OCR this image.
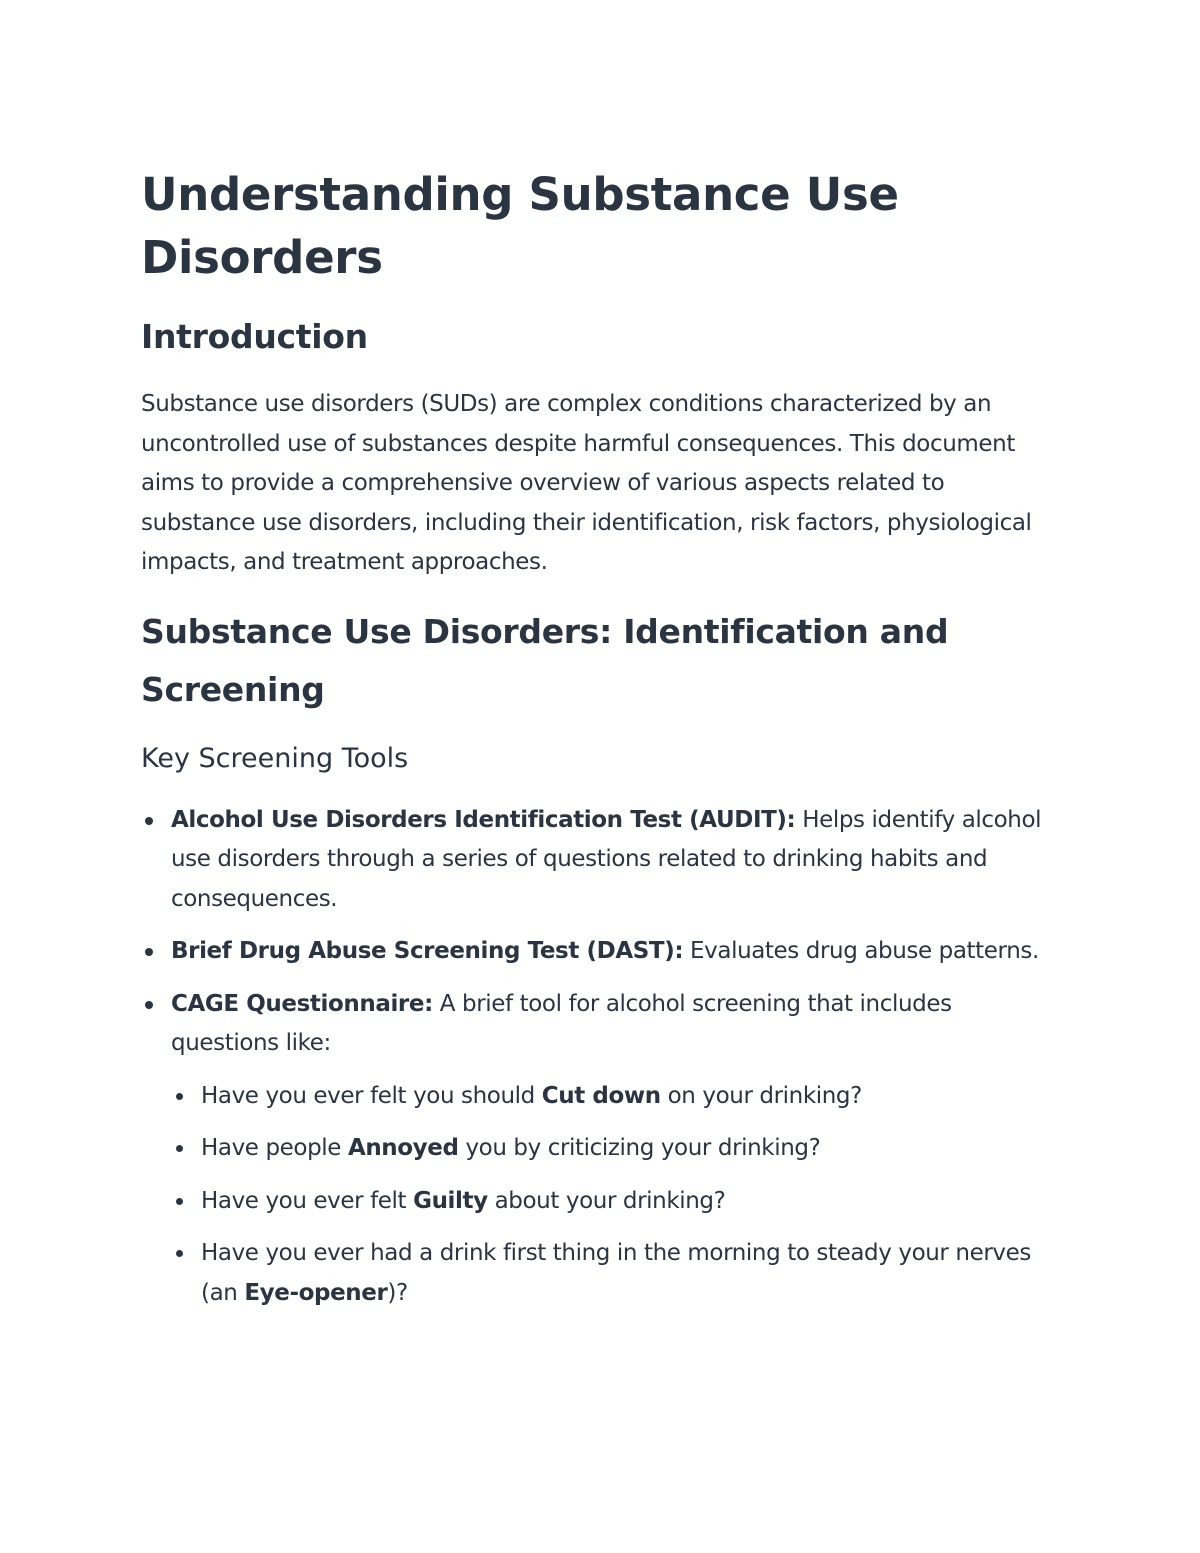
Understanding Substance Use Disorders
Introduction

Substance use disorders (SUDs) are complex conditions characterized by an uncontrolled use of substances despite harmful consequences. This document aims to provide a comprehensive overview of various aspects related to substance use disorders, including their identification, risk factors, physiological impacts, and treatment approaches.

Substance Use Disorders: Identification and Screening
Key Screening Tools
Alcohol Use Disorders Identification Test (AUDIT): Helps identify alcohol use disorders through a series of questions related to drinking habits and consequences.
Brief Drug Abuse Screening Test (DAST): Evaluates drug abuse patterns.
CAGE Questionnaire: A brief tool for alcohol screening that includes questions like:
Have you ever felt you should Cut down on your drinking?
Have people Annoyed you by criticizing your drinking?
Have you ever felt Guilty about your drinking?
Have you ever had a drink first thing in the morning to steady your nerves (an Eye-opener)?
